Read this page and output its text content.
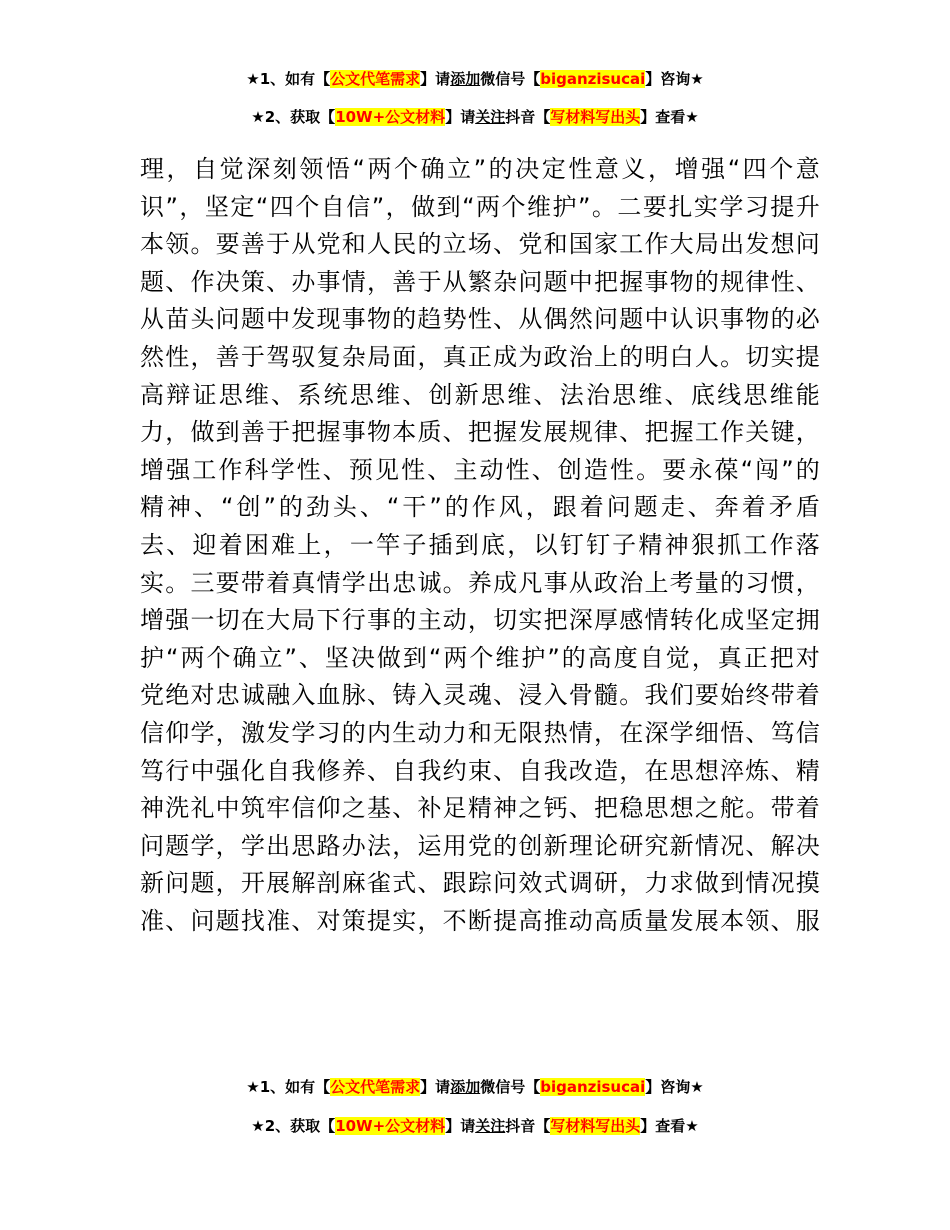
★1、如有【公文代笔需求】请添加微信号【biganzisucai】咨询★
★2、获取【10W+公文材料】请关注抖音【写材料写出头】查看★
理，自觉深刻领悟“两个确立”的决定性意义，增强“四个意
识”，坚定“四个自信”，做到“两个维护”。二要扎实学习提升
本领。要善于从党和人民的立场、党和国家工作大局出发想问
题、作决策、办事情，善于从繁杂问题中把握事物的规律性、
从苗头问题中发现事物的趋势性、从偶然问题中认识事物的必
然性，善于驾驭复杂局面，真正成为政治上的明白人。切实提
高辩证思维、系统思维、创新思维、法治思维、底线思维能
力，做到善于把握事物本质、把握发展规律、把握工作关键，
增强工作科学性、预见性、主动性、创造性。要永葆“闯”的
精神、“创”的劲头、“干”的作风，跟着问题走、奔着矛盾
去、迎着困难上，一竿子插到底，以钉钉子精神狠抓工作落
实。三要带着真情学出忠诚。养成凡事从政治上考量的习惯，
增强一切在大局下行事的主动，切实把深厚感情转化成坚定拥
护“两个确立”、坚决做到“两个维护”的高度自觉，真正把对
党绝对忠诚融入血脉、铸入灵魂、浸入骨髓。我们要始终带着
信仰学，激发学习的内生动力和无限热情，在深学细悟、笃信
笃行中强化自我修养、自我约束、自我改造，在思想淬炼、精
神洗礼中筑牢信仰之基、补足精神之钙、把稳思想之舵。带着
问题学，学出思路办法，运用党的创新理论研究新情况、解决
新问题，开展解剖麻雀式、跟踪问效式调研，力求做到情况摸
准、问题找准、对策提实，不断提高推动高质量发展本领、服
★1、如有【公文代笔需求】请添加微信号【biganzisucai】咨询★
★2、获取【10W+公文材料】请关注抖音【写材料写出头】查看★
